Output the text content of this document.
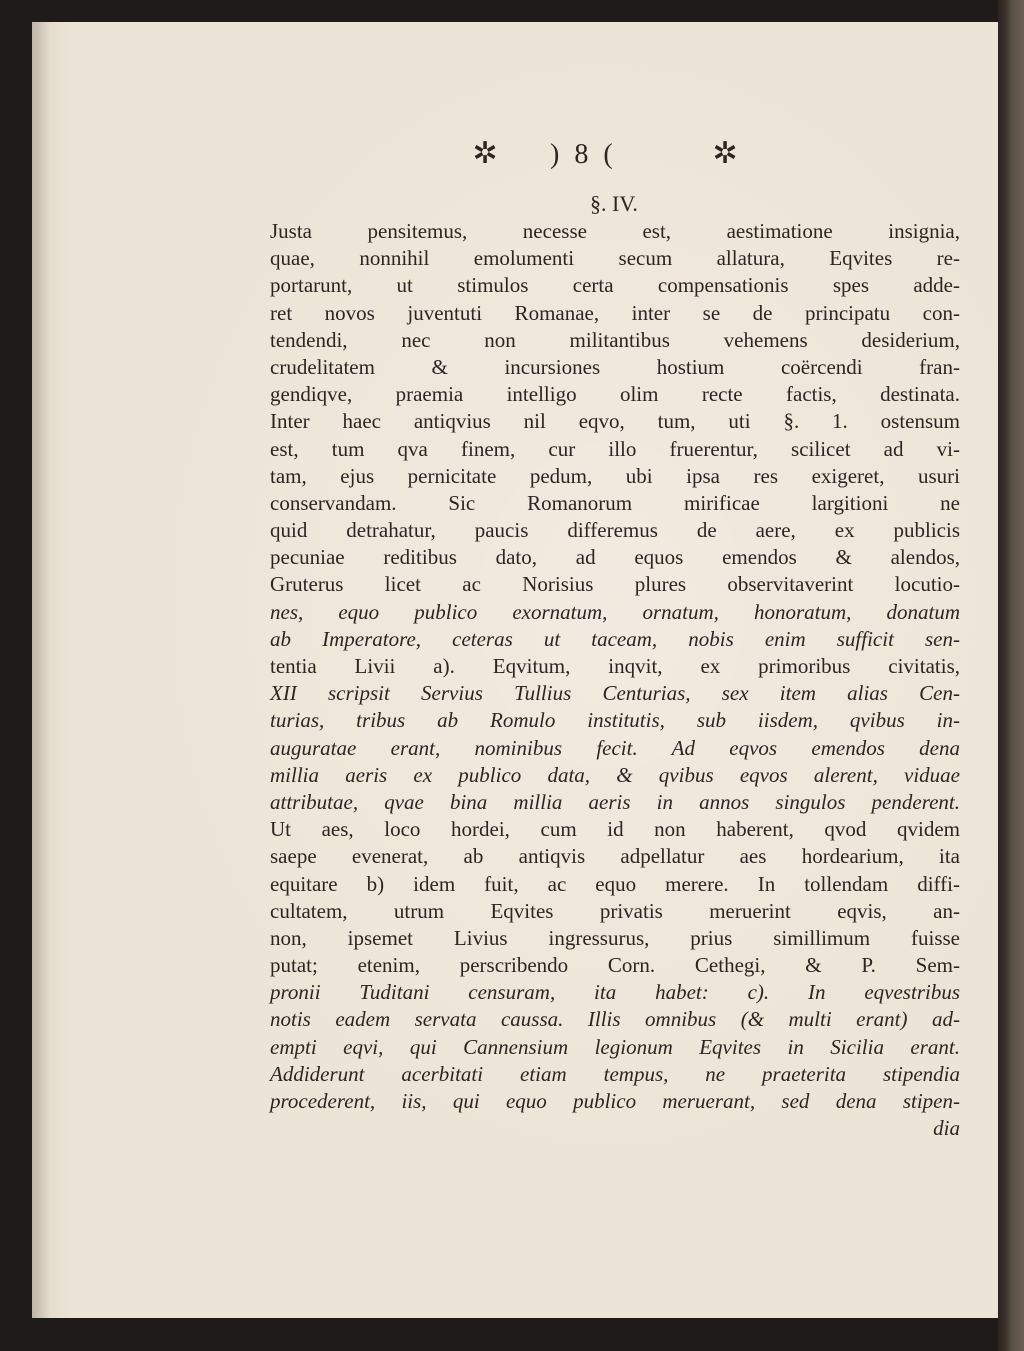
✲ ) 8 (	✲
§. IV.
Justa pensitemus, necesse est, aestimatione insignia,
quae, nonnihil emolumenti secum allatura, Eqvites re-
portarunt, ut stimulos certa compensationis spes adde-
ret novos juventuti Romanae, inter se de principatu con-
tendendi, nec non militantibus vehemens desiderium,
crudelitatem & incursiones hostium coërcendi fran-
gendiqve, praemia intelligo olim recte factis, destinata.
Inter haec antiqvius nil eqvo, tum, uti §. 1. ostensum
est, tum qva finem, cur illo fruerentur, scilicet ad vi-
tam, ejus pernicitate pedum, ubi ipsa res exigeret, usuri
conservandam. Sic Romanorum mirificae largitioni ne
quid detrahatur, paucis differemus de aere, ex publicis
pecuniae reditibus dato, ad equos emendos & alendos,
Gruterus licet ac Norisius plures observitaverint locutio-
nes, equo publico exornatum, ornatum, honoratum, donatum
ab Imperatore, ceteras ut taceam, nobis enim sufficit sen-
tentia Livii a). Eqvitum, inqvit, ex primoribus civitatis,
XII scripsit Servius Tullius Centurias, sex item alias Cen-
turias, tribus ab Romulo institutis, sub iisdem, qvibus in-
auguratae erant, nominibus fecit. Ad eqvos emendos dena
millia aeris ex publico data, & qvibus eqvos alerent, viduae
attributae, qvae bina millia aeris in annos singulos penderent.
Ut aes, loco hordei, cum id non haberent, qvod qvidem
saepe evenerat, ab antiqvis adpellatur aes hordearium, ita
equitare b) idem fuit, ac equo merere. In tollendam diffi-
cultatem, utrum Eqvites privatis meruerint eqvis, an-
non, ipsemet Livius ingressurus, prius simillimum fuisse
putat; etenim, perscribendo Corn. Cethegi, & P. Sem-
pronii Tuditani censuram, ita habet: c). In eqvestribus
notis eadem servata caussa. Illis omnibus (& multi erant) ad-
empti eqvi, qui Cannensium legionum Eqvites in Sicilia erant.
Addiderunt acerbitati etiam tempus, ne praeterita stipendia
procederent, iis, qui equo publico meruerant, sed dena stipen-
dia
